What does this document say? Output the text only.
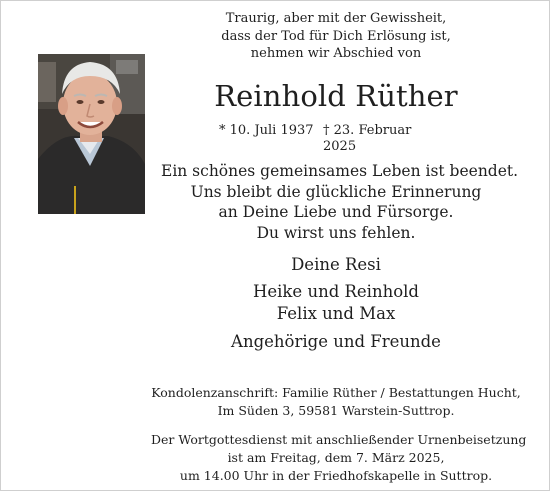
Traurig, aber mit der Gewissheit,
dass der Tod für Dich Erlösung ist,
nehmen wir Abschied von
Reinhold Rüther
* 10. Juli 1937 † 23. Februar 2025
Ein schönes gemeinsames Leben ist beendet.
Uns bleibt die glückliche Erinnerung
an Deine Liebe und Fürsorge.
Du wirst uns fehlen.
Deine Resi
Heike und Reinhold
Felix und Max
Angehörige und Freunde
Kondolenzanschrift: Familie Rüther / Bestattungen Hucht,
Im Süden 3, 59581 Warstein-Suttrop.
Der Wortgottesdienst mit anschließender Urnenbeisetzung
ist am Freitag, dem 7. März 2025,
um 14.00 Uhr in der Friedhofskapelle in Suttrop.
